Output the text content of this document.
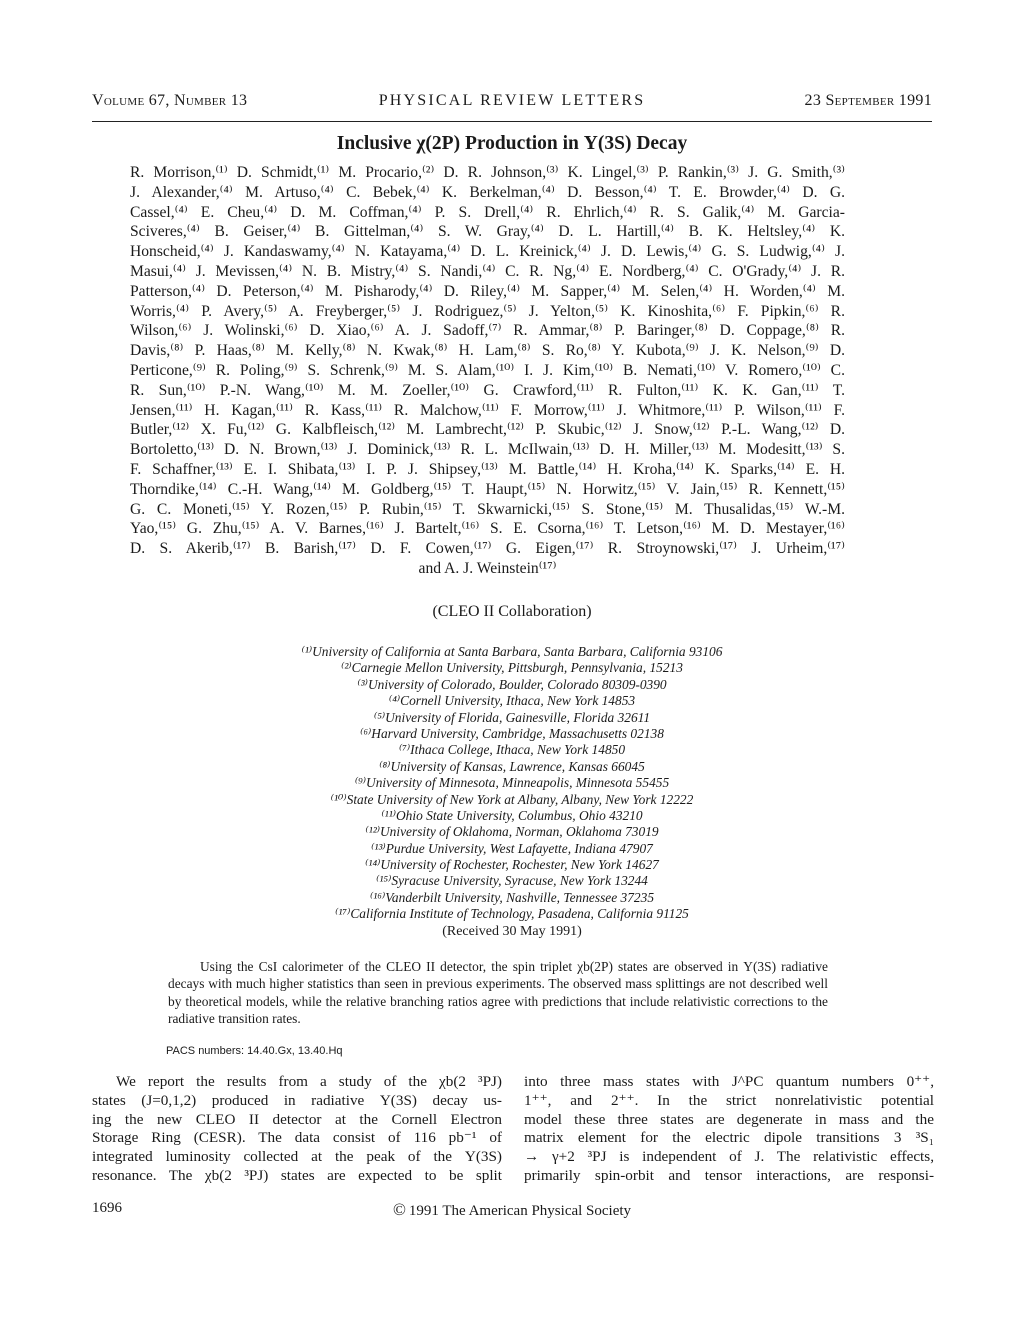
Volume 67, Number 13	PHYSICAL REVIEW LETTERS	23 September 1991
Inclusive χ(2P) Production in Υ(3S) Decay
R. Morrison,⁽¹⁾ D. Schmidt,⁽¹⁾ M. Procario,⁽²⁾ D. R. Johnson,⁽³⁾ K. Lingel,⁽³⁾ P. Rankin,⁽³⁾ J. G. Smith,⁽³⁾
J. Alexander,⁽⁴⁾ M. Artuso,⁽⁴⁾ C. Bebek,⁽⁴⁾ K. Berkelman,⁽⁴⁾ D. Besson,⁽⁴⁾ T. E. Browder,⁽⁴⁾ D. G.
Cassel,⁽⁴⁾ E. Cheu,⁽⁴⁾ D. M. Coffman,⁽⁴⁾ P. S. Drell,⁽⁴⁾ R. Ehrlich,⁽⁴⁾ R. S. Galik,⁽⁴⁾ M. Garcia-
Sciveres,⁽⁴⁾ B. Geiser,⁽⁴⁾ B. Gittelman,⁽⁴⁾ S. W. Gray,⁽⁴⁾ D. L. Hartill,⁽⁴⁾ B. K. Heltsley,⁽⁴⁾ K.
Honscheid,⁽⁴⁾ J. Kandaswamy,⁽⁴⁾ N. Katayama,⁽⁴⁾ D. L. Kreinick,⁽⁴⁾ J. D. Lewis,⁽⁴⁾ G. S. Ludwig,⁽⁴⁾ J.
Masui,⁽⁴⁾ J. Mevissen,⁽⁴⁾ N. B. Mistry,⁽⁴⁾ S. Nandi,⁽⁴⁾ C. R. Ng,⁽⁴⁾ E. Nordberg,⁽⁴⁾ C. O'Grady,⁽⁴⁾ J. R.
Patterson,⁽⁴⁾ D. Peterson,⁽⁴⁾ M. Pisharody,⁽⁴⁾ D. Riley,⁽⁴⁾ M. Sapper,⁽⁴⁾ M. Selen,⁽⁴⁾ H. Worden,⁽⁴⁾ M.
Worris,⁽⁴⁾ P. Avery,⁽⁵⁾ A. Freyberger,⁽⁵⁾ J. Rodriguez,⁽⁵⁾ J. Yelton,⁽⁵⁾ K. Kinoshita,⁽⁶⁾ F. Pipkin,⁽⁶⁾ R.
Wilson,⁽⁶⁾ J. Wolinski,⁽⁶⁾ D. Xiao,⁽⁶⁾ A. J. Sadoff,⁽⁷⁾ R. Ammar,⁽⁸⁾ P. Baringer,⁽⁸⁾ D. Coppage,⁽⁸⁾ R.
Davis,⁽⁸⁾ P. Haas,⁽⁸⁾ M. Kelly,⁽⁸⁾ N. Kwak,⁽⁸⁾ H. Lam,⁽⁸⁾ S. Ro,⁽⁸⁾ Y. Kubota,⁽⁹⁾ J. K. Nelson,⁽⁹⁾ D.
Perticone,⁽⁹⁾ R. Poling,⁽⁹⁾ S. Schrenk,⁽⁹⁾ M. S. Alam,⁽¹⁰⁾ I. J. Kim,⁽¹⁰⁾ B. Nemati,⁽¹⁰⁾ V. Romero,⁽¹⁰⁾ C.
R. Sun,⁽¹⁰⁾ P.-N. Wang,⁽¹⁰⁾ M. M. Zoeller,⁽¹⁰⁾ G. Crawford,⁽¹¹⁾ R. Fulton,⁽¹¹⁾ K. K. Gan,⁽¹¹⁾ T.
Jensen,⁽¹¹⁾ H. Kagan,⁽¹¹⁾ R. Kass,⁽¹¹⁾ R. Malchow,⁽¹¹⁾ F. Morrow,⁽¹¹⁾ J. Whitmore,⁽¹¹⁾ P. Wilson,⁽¹¹⁾ F.
Butler,⁽¹²⁾ X. Fu,⁽¹²⁾ G. Kalbfleisch,⁽¹²⁾ M. Lambrecht,⁽¹²⁾ P. Skubic,⁽¹²⁾ J. Snow,⁽¹²⁾ P.-L. Wang,⁽¹²⁾ D.
Bortoletto,⁽¹³⁾ D. N. Brown,⁽¹³⁾ J. Dominick,⁽¹³⁾ R. L. McIlwain,⁽¹³⁾ D. H. Miller,⁽¹³⁾ M. Modesitt,⁽¹³⁾ S.
F. Schaffner,⁽¹³⁾ E. I. Shibata,⁽¹³⁾ I. P. J. Shipsey,⁽¹³⁾ M. Battle,⁽¹⁴⁾ H. Kroha,⁽¹⁴⁾ K. Sparks,⁽¹⁴⁾ E. H.
Thorndike,⁽¹⁴⁾ C.-H. Wang,⁽¹⁴⁾ M. Goldberg,⁽¹⁵⁾ T. Haupt,⁽¹⁵⁾ N. Horwitz,⁽¹⁵⁾ V. Jain,⁽¹⁵⁾ R. Kennett,⁽¹⁵⁾
G. C. Moneti,⁽¹⁵⁾ Y. Rozen,⁽¹⁵⁾ P. Rubin,⁽¹⁵⁾ T. Skwarnicki,⁽¹⁵⁾ S. Stone,⁽¹⁵⁾ M. Thusalidas,⁽¹⁵⁾ W.-M.
Yao,⁽¹⁵⁾ G. Zhu,⁽¹⁵⁾ A. V. Barnes,⁽¹⁶⁾ J. Bartelt,⁽¹⁶⁾ S. E. Csorna,⁽¹⁶⁾ T. Letson,⁽¹⁶⁾ M. D. Mestayer,⁽¹⁶⁾
D. S. Akerib,⁽¹⁷⁾ B. Barish,⁽¹⁷⁾ D. F. Cowen,⁽¹⁷⁾ G. Eigen,⁽¹⁷⁾ R. Stroynowski,⁽¹⁷⁾ J. Urheim,⁽¹⁷⁾
and A. J. Weinstein⁽¹⁷⁾
(CLEO II Collaboration)
⁽¹⁾University of California at Santa Barbara, Santa Barbara, California 93106
⁽²⁾Carnegie Mellon University, Pittsburgh, Pennsylvania, 15213
⁽³⁾University of Colorado, Boulder, Colorado 80309-0390
⁽⁴⁾Cornell University, Ithaca, New York 14853
⁽⁵⁾University of Florida, Gainesville, Florida 32611
⁽⁶⁾Harvard University, Cambridge, Massachusetts 02138
⁽⁷⁾Ithaca College, Ithaca, New York 14850
⁽⁸⁾University of Kansas, Lawrence, Kansas 66045
⁽⁹⁾University of Minnesota, Minneapolis, Minnesota 55455
⁽¹⁰⁾State University of New York at Albany, Albany, New York 12222
⁽¹¹⁾Ohio State University, Columbus, Ohio 43210
⁽¹²⁾University of Oklahoma, Norman, Oklahoma 73019
⁽¹³⁾Purdue University, West Lafayette, Indiana 47907
⁽¹⁴⁾University of Rochester, Rochester, New York 14627
⁽¹⁵⁾Syracuse University, Syracuse, New York 13244
⁽¹⁶⁾Vanderbilt University, Nashville, Tennessee 37235
⁽¹⁷⁾California Institute of Technology, Pasadena, California 91125
(Received 30 May 1991)
Using the CsI calorimeter of the CLEO II detector, the spin triplet χb(2P) states are observed in Υ(3S) radiative decays with much higher statistics than seen in previous experiments. The observed mass splittings are not described well by theoretical models, while the relative branching ratios agree with predictions that include relativistic corrections to the radiative transition rates.
PACS numbers: 14.40.Gx, 13.40.Hq
We report the results from a study of the χb(2 ³PJ)
states (J=0,1,2) produced in radiative Υ(3S) decay us-
ing the new CLEO II detector at the Cornell Electron
Storage Ring (CESR). The data consist of 116 pb⁻¹ of
integrated luminosity collected at the peak of the Υ(3S)
resonance. The χb(2 ³PJ) states are expected to be split
into three mass states with J^PC quantum numbers 0⁺⁺,
1⁺⁺, and 2⁺⁺. In the strict nonrelativistic potential
model these three states are degenerate in mass and the
matrix element for the electric dipole transitions 3 ³S₁
→ γ+2 ³PJ is independent of J. The relativistic effects,
primarily spin-orbit and tensor interactions, are responsi-
1696	© 1991 The American Physical Society
